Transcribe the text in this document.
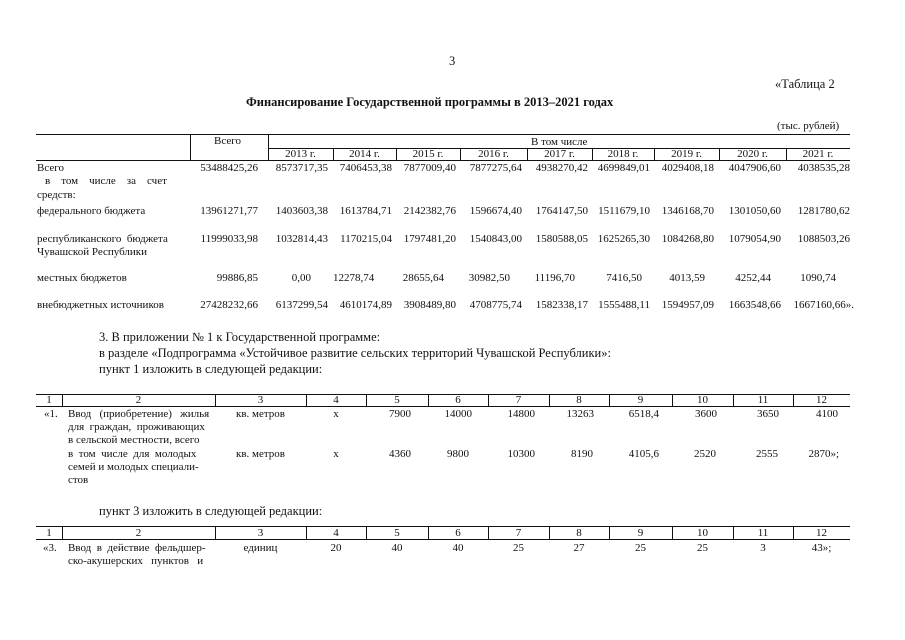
3
«Таблица 2
Финансирование Государственной программы в 2013–2021 годах
(тыс. рублей)
Всего	В том числе
2013 г.	2014 г.	2015 г.	2016 г.	2017 г.	2018 г.	2019 г.	2020 г.	2021 г.
Всего	53488425,26	8573717,35	7406453,38	7877009,40	7877275,64	4938270,42 4699849,01	4029408,18	4047906,60	4038535,28
в    том    числе    за    счет
средств:
федерального бюджета	13961271,77	1403603,38	1613784,71	2142382,76	1596674,40	1764147,50 1511679,10	1346168,70	1301050,60	1281780,62
республиканского  бюджета
Чувашской Республики
11999033,98	1032814,43	1170215,04	1797481,20	1540843,00	1580588,05 1625265,30	1084268,80	1079054,90	1088503,26
местных бюджетов	99886,85	0,00 12278,74	28655,64	30982,50	11196,70	7416,50	4013,59	4252,44	1090,74
внебюджетных источников	27428232,66	6137299,54	4610174,89	3908489,80	4708775,74	1582338,17 1555488,11	1594957,09	1663548,66	1667160,66».
3. В приложении № 1 к Государственной программе:
в разделе «Подпрограмма «Устойчивое развитие сельских территорий Чувашской Республики»:
пункт 1 изложить в следующей редакции:
1	2	3	4	5	6	7	8	9	10	11	12
«1. Ввод   (приобретение)   жилья
для  граждан,  проживающих
в сельской местности, всего
кв. метров	х	7900	14000	14800	13263	6518,4	3600	3650	4100
в  том  числе  для  молодых
семей и молодых специали-
стов
кв. метров	х	4360	9800	10300	8190	4105,6	2520	2555	2870»;
пункт 3 изложить в следующей редакции:
1	2	3	4	5	6	7	8	9	10	11	12
«3. Ввод  в  действие  фельдшер-
ско-акушерских   пунктов   и
единиц	20	40	40	25	27	25	25	3	43»;
